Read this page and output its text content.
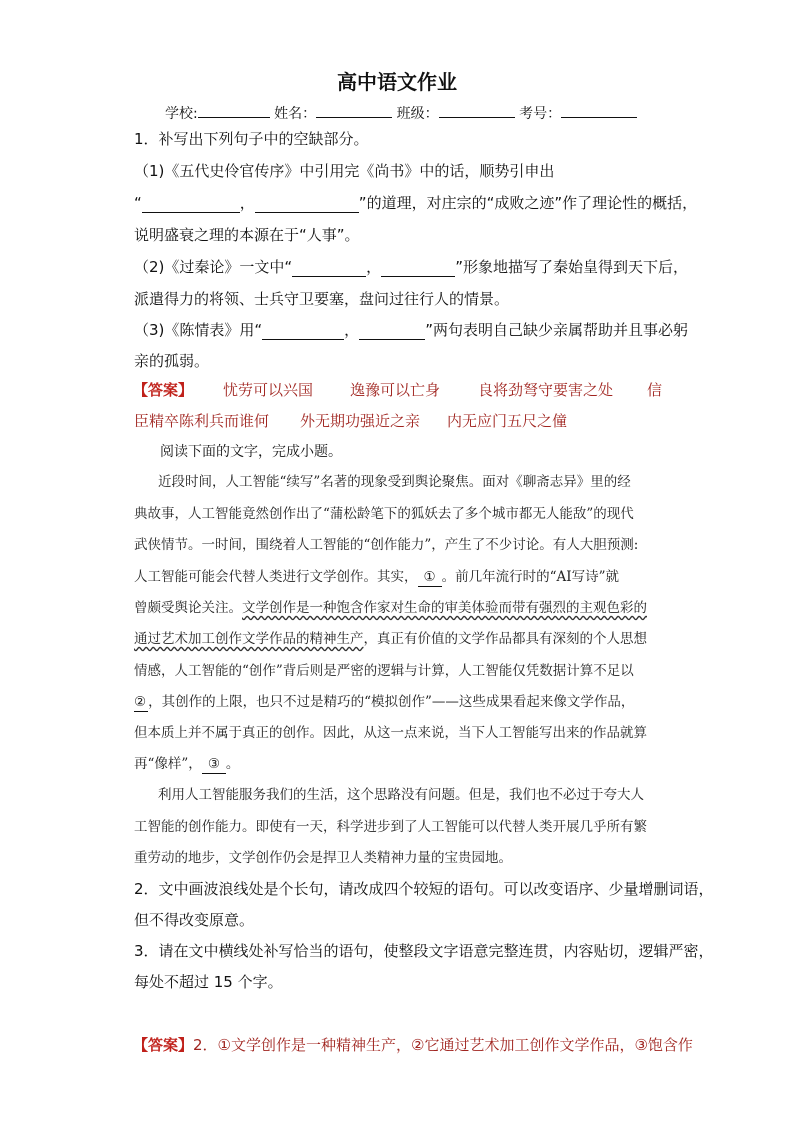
高中语文作业
学校:	姓名：	班级：	考号：
1．补写出下列句子中的空缺部分。
（1)《五代史伶官传序》中引用完《尚书》中的话，顺势引申出
“	，	”的道理，对庄宗的“成败之迹”作了理论性的概括，
说明盛衰之理的本源在于“人事”。
（2)《过秦论》一文中“	，	”形象地描写了秦始皇得到天下后，
派遣得力的将领、士兵守卫要塞，盘问过往行人的情景。
（3)《陈情表》用“	，	”两句表明自己缺少亲属帮助并且事必躬
亲的孤弱。
【答案】 忧劳可以兴国 逸豫可以亡身	良将劲弩守要害之处 信
臣精卒陈利兵而谁何 外无期功强近之亲 内无应门五尺之僮
阅读下面的文字，完成小题。
近段时间，人工智能“续写”名著的现象受到舆论聚焦。面对《聊斋志异》里的经
典故事，人工智能竟然创作出了“蒲松龄笔下的狐妖去了多个城市都无人能敌”的现代
武侠情节。一时间，围绕着人工智能的“创作能力”，产生了不少讨论。有人大胆预测:
人工智能可能会代替人类进行文学创作。其实， ① 。前几年流行时的“AI写诗”就
曾颇受舆论关注。文学创作是一种饱含作家对生命的审美体验而带有强烈的主观色彩的
通过艺术加工创作文学作品的精神生产，真正有价值的文学作品都具有深刻的个人思想
情感，人工智能的“创作”背后则是严密的逻辑与计算，人工智能仅凭数据计算不足以
② ，其创作的上限，也只不过是精巧的“模拟创作”——这些成果看起来像文学作品，
但本质上并不属于真正的创作。因此，从这一点来说，当下人工智能写出来的作品就算
再“像样”， ③ 。
利用人工智能服务我们的生活，这个思路没有问题。但是，我们也不必过于夸大人
工智能的创作能力。即使有一天，科学进步到了人工智能可以代替人类开展几乎所有繁
重劳动的地步，文学创作仍会是捍卫人类精神力量的宝贵园地。
2．文中画波浪线处是个长句，请改成四个较短的语句。可以改变语序、少量增删词语，
但不得改变原意。
3．请在文中横线处补写恰当的语句，使整段文字语意完整连贯，内容贴切，逻辑严密，
每处不超过 15 个字。
【答案】2．①文学创作是一种精神生产，②它通过艺术加工创作文学作品，③饱含作
